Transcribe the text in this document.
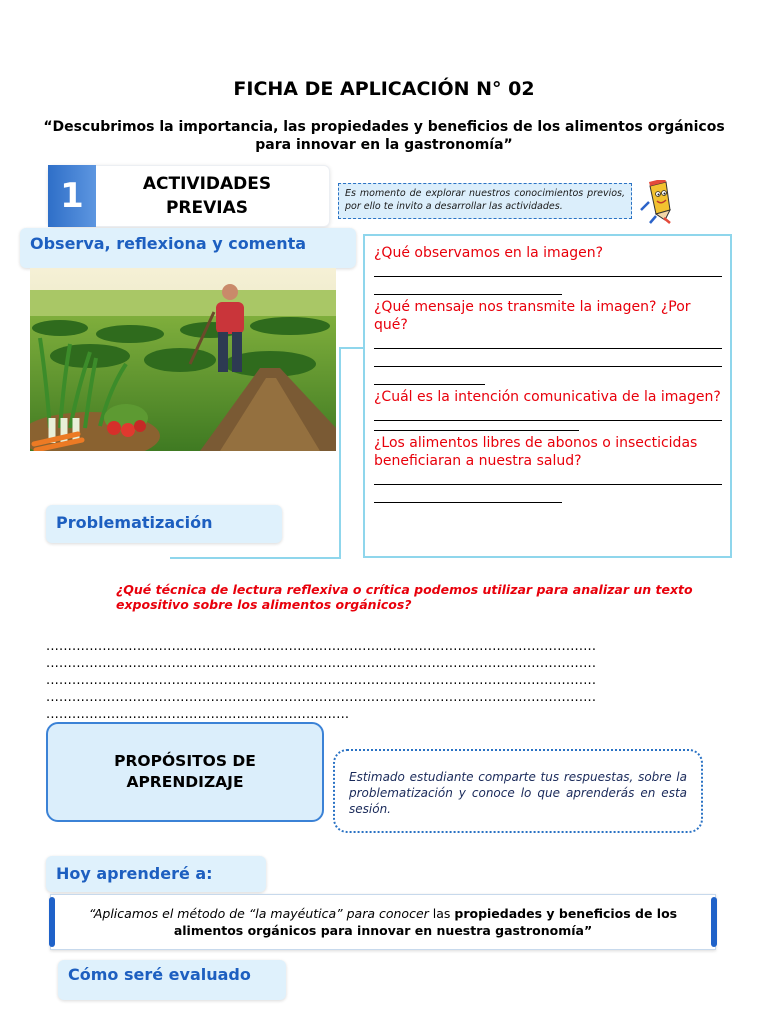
FICHA DE APLICACIÓN N° 02
“Descubrimos la importancia, las propiedades y beneficios de los alimentos orgánicos para innovar en la gastronomía”
1	ACTIVIDADES PREVIAS
Es momento de explorar nuestros conocimientos previos, por ello te invito a desarrollar las actividades.
Observa, reflexiona y comenta	¿Qué observamos en la imagen?
¿Qué mensaje nos transmite la imagen? ¿Por qué?
¿Cuál es la intención comunicativa de la imagen?
¿Los alimentos libres de abonos o insecticidas beneficiaran a nuestra salud?
Problematización
¿Qué técnica de lectura reflexiva o crítica podemos utilizar para analizar un texto expositivo sobre los alimentos orgánicos?
...............................................................................................................................
...............................................................................................................................
...............................................................................................................................
...............................................................................................................................
......................................................................
PROPÓSITOS DE APRENDIZAJE	Estimado estudiante comparte tus respuestas, sobre la problematización y conoce lo que aprenderás en esta sesión.
Hoy aprenderé a:
“Aplicamos el método de “la mayéutica” para conocer las propiedades y beneficios de los alimentos orgánicos para innovar en nuestra gastronomía”
Cómo seré evaluado
